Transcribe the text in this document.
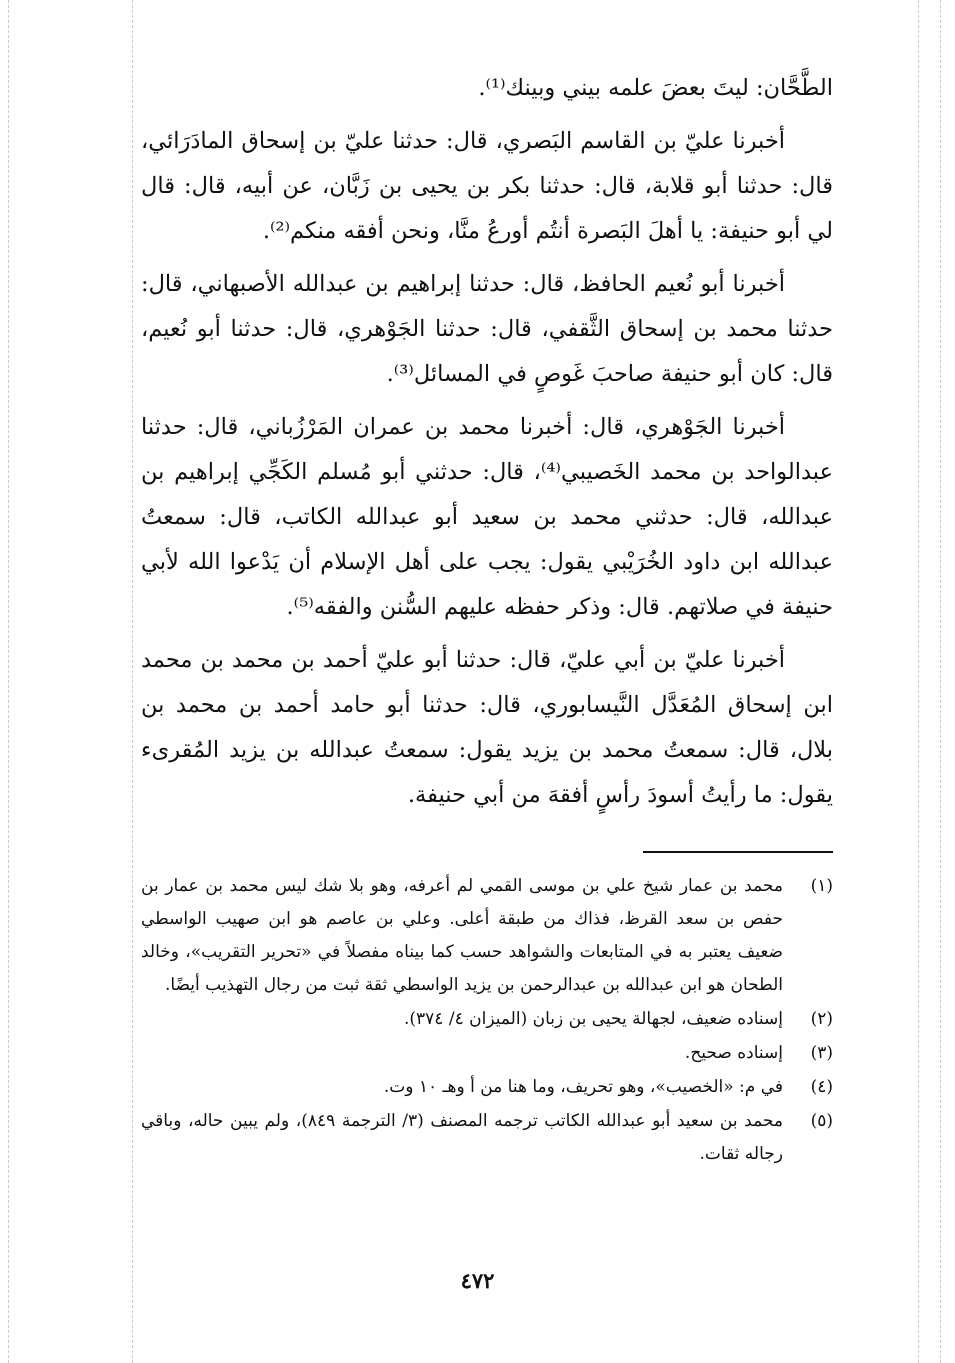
الطَّحَّان: ليتَ بعضَ علمه بيني وبينك⁽¹⁾.

أخبرنا عليّ بن القاسم البَصري، قال: حدثنا عليّ بن إسحاق المادَرَائي، قال: حدثنا أبو قلابة، قال: حدثنا بكر بن يحيى بن زَبَّان، عن أبيه، قال: قال لي أبو حنيفة: يا أهلَ البَصرة أنتُم أورعُ منَّا، ونحن أفقه منكم⁽²⁾.

أخبرنا أبو نُعيم الحافظ، قال: حدثنا إبراهيم بن عبدالله الأصبهاني، قال: حدثنا محمد بن إسحاق الثَّقفي، قال: حدثنا الجَوْهري، قال: حدثنا أبو نُعيم، قال: كان أبو حنيفة صاحبَ غَوصٍ في المسائل⁽³⁾.

أخبرنا الجَوْهري، قال: أخبرنا محمد بن عمران المَرْزُباني، قال: حدثنا عبدالواحد بن محمد الخَصيبي⁽⁴⁾، قال: حدثني أبو مُسلم الكَجِّي إبراهيم بن عبدالله، قال: حدثني محمد بن سعيد أبو عبدالله الكاتب، قال: سمعتُ عبدالله ابن داود الخُرَيْبي يقول: يجب على أهل الإسلام أن يَدْعوا الله لأبي حنيفة في صلاتهم. قال: وذكر حفظه عليهم السُّنن والفقه⁽⁵⁾.

أخبرنا عليّ بن أبي عليّ، قال: حدثنا أبو عليّ أحمد بن محمد بن محمد ابن إسحاق المُعَدَّل النَّيسابوري، قال: حدثنا أبو حامد أحمد بن محمد بن بلال، قال: سمعتُ محمد بن يزيد يقول: سمعتُ عبدالله بن يزيد المُقرىء يقول: ما رأيتُ أسودَ رأسٍ أفقهَ من أبي حنيفة.

(١)
محمد بن عمار شيخ علي بن موسى القمي لم أعرفه، وهو بلا شك ليس محمد بن عمار بن حفص بن سعد القرظ، فذاك من طبقة أعلى. وعلي بن عاصم هو ابن صهيب الواسطي ضعيف يعتبر به في المتابعات والشواهد حسب كما بيناه مفصلاً في «تحرير التقريب»، وخالد الطحان هو ابن عبدالله بن عبدالرحمن بن يزيد الواسطي ثقة ثبت من رجال التهذيب أيضًا.
(٢)
إسناده ضعيف، لجهالة يحيى بن زبان (الميزان ٤/ ٣٧٤).
(٣)
إسناده صحيح.
(٤)
في م: «الخصيب»، وهو تحريف، وما هنا من أ وهـ ١٠ وت.
(٥)
محمد بن سعيد أبو عبدالله الكاتب ترجمه المصنف (٣/ الترجمة ٨٤٩)، ولم يبين حاله، وباقي رجاله ثقات.
٤٧٢
